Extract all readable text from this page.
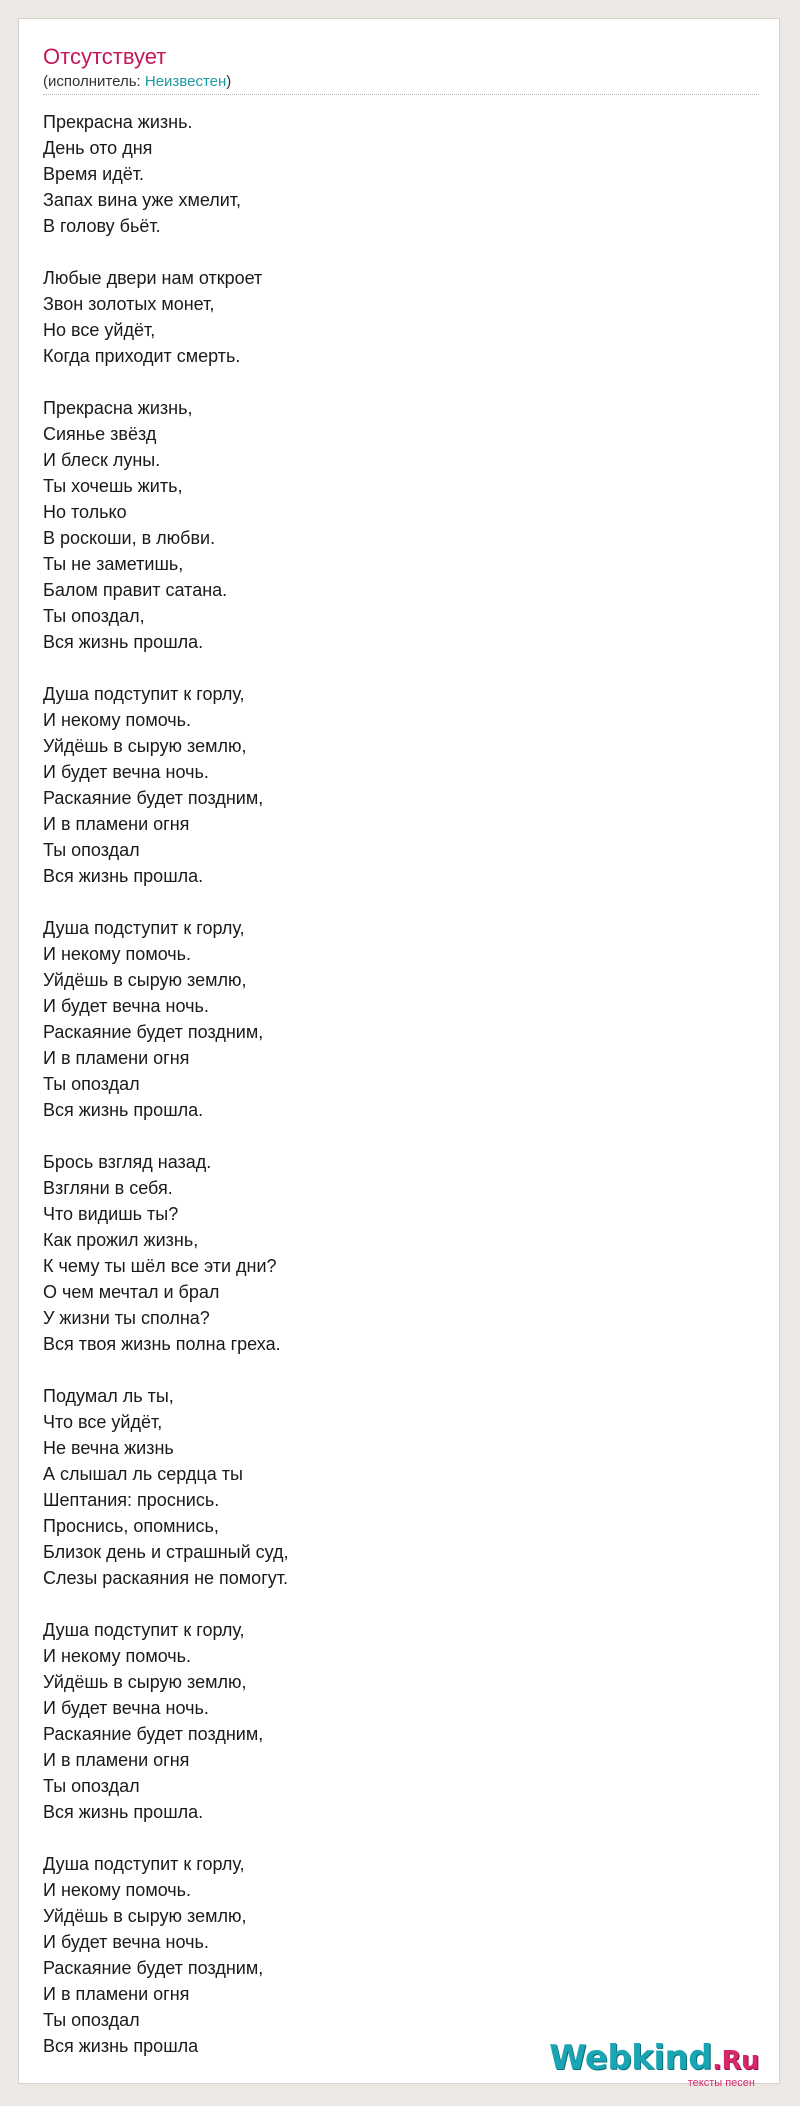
Отсутствует
(исполнитель: Неизвестен)
Прекрасна жизнь.
День ото дня
Время идёт.
Запах вина уже хмелит,
В голову бьёт.
Любые двери нам откроет
Звон золотых монет,
Но все уйдёт,
Когда приходит смерть.
Прекрасна жизнь,
Сиянье звёзд
И блеск луны.
Ты хочешь жить,
Но только
В роскоши, в любви.
Ты не заметишь,
Балом правит сатана.
Ты опоздал,
Вся жизнь прошла.
Душа подступит к горлу,
И некому помочь.
Уйдёшь в сырую землю,
И будет вечна ночь.
Раскаяние будет поздним,
И в пламени огня
Ты опоздал
Вся жизнь прошла.
Душа подступит к горлу,
И некому помочь.
Уйдёшь в сырую землю,
И будет вечна ночь.
Раскаяние будет поздним,
И в пламени огня
Ты опоздал
Вся жизнь прошла.
Брось взгляд назад.
Взгляни в себя.
Что видишь ты?
Как прожил жизнь,
К чему ты шёл все эти дни?
О чем мечтал и брал
У жизни ты сполна?
Вся твоя жизнь полна греха.
Подумал ль ты,
Что все уйдёт,
Не вечна жизнь
А слышал ль сердца ты
Шептания: проснись.
Проснись, опомнись,
Близок день и страшный суд,
Слезы раскаяния не помогут.
Душа подступит к горлу,
И некому помочь.
Уйдёшь в сырую землю,
И будет вечна ночь.
Раскаяние будет поздним,
И в пламени огня
Ты опоздал
Вся жизнь прошла.
Душа подступит к горлу,
И некому помочь.
Уйдёшь в сырую землю,
И будет вечна ночь.
Раскаяние будет поздним,
И в пламени огня
Ты опоздал
Вся жизнь прошла	Webkind.Ru
тексты песен
